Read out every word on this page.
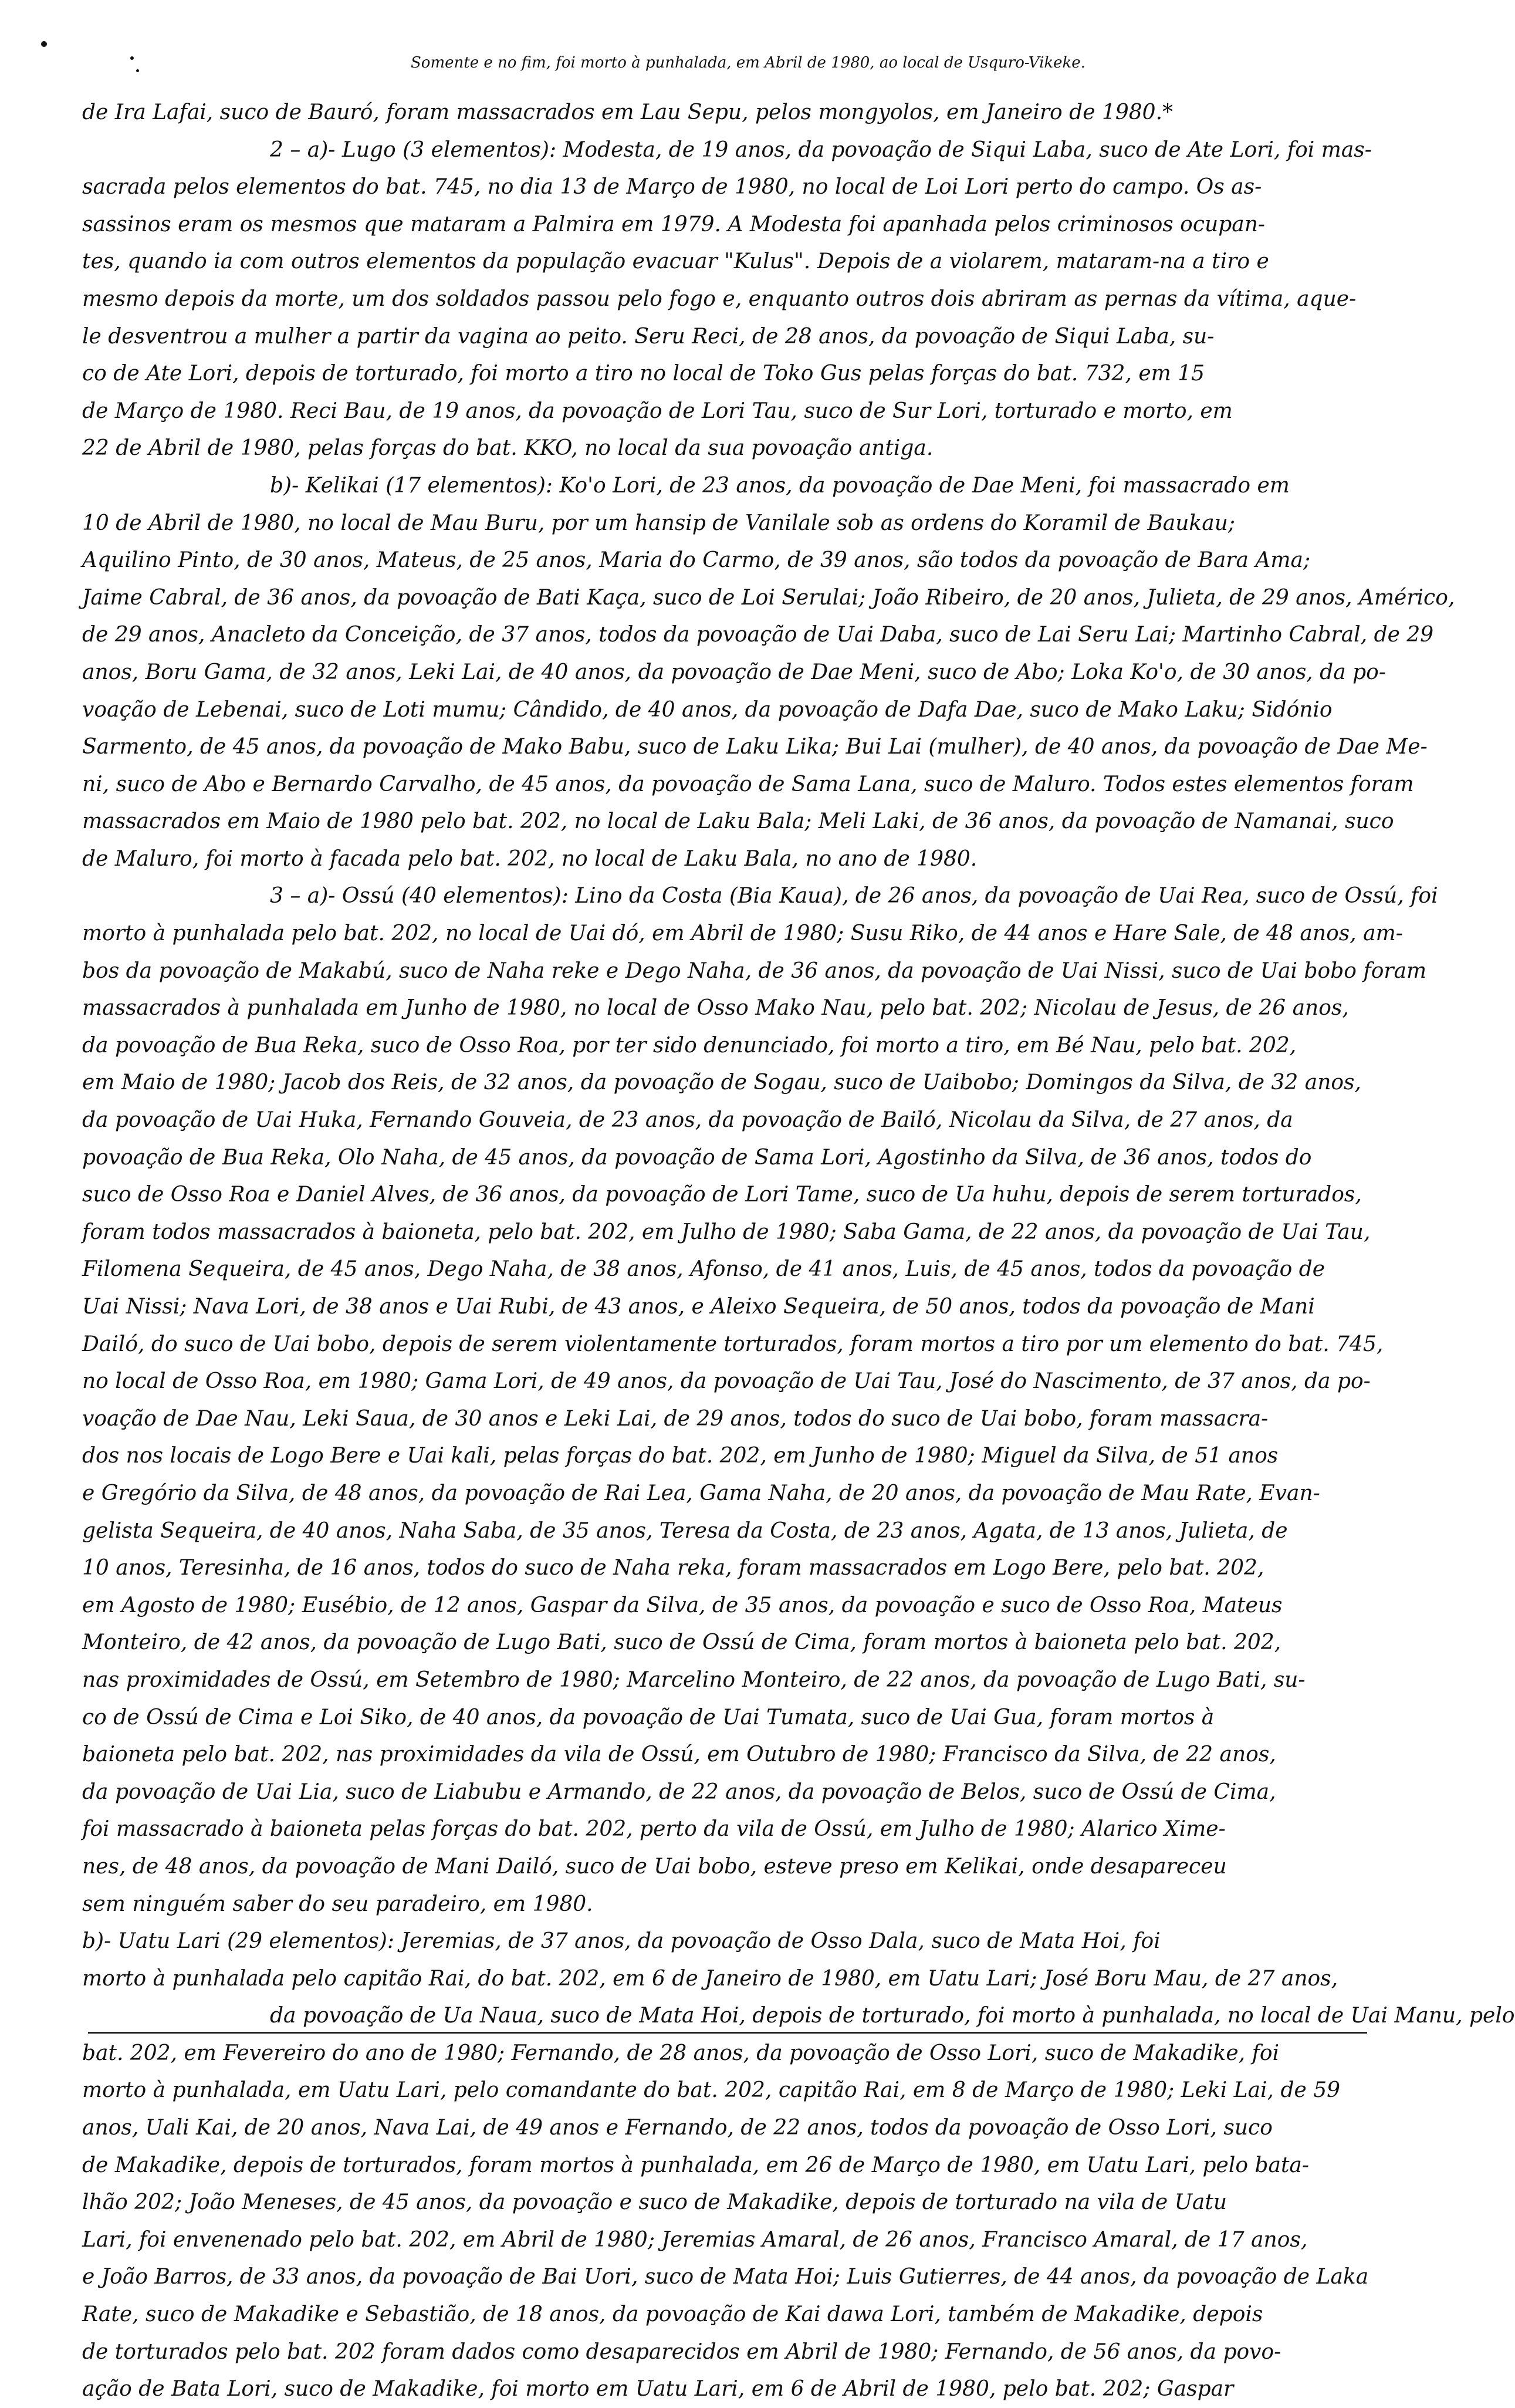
Somente e no fim, foi morto à punhalada, em Abril de 1980, ao local de Usquro-Vikeke.
de Ira Lafai, suco de Bauró, foram massacrados em Lau Sepu, pelos mongyolos, em Janeiro de 1980.*
2 – a)- Lugo (3 elementos): Modesta, de 19 anos, da povoação de Siqui Laba, suco de Ate Lori, foi mas-
sacrada pelos elementos do bat. 745, no dia 13 de Março de 1980, no local de Loi Lori perto do campo. Os as-
sassinos eram os mesmos que mataram a Palmira em 1979. A Modesta foi apanhada pelos criminosos ocupan-
tes, quando ia com outros elementos da população evacuar "Kulus". Depois de a violarem, mataram-na a tiro e
mesmo depois da morte, um dos soldados passou pelo fogo e, enquanto outros dois abriram as pernas da vítima, aque-
le desventrou a mulher a partir da vagina ao peito. Seru Reci, de 28 anos, da povoação de Siqui Laba, su-
co de Ate Lori, depois de torturado, foi morto a tiro no local de Toko Gus pelas forças do bat. 732, em 15
de Março de 1980. Reci Bau, de 19 anos, da povoação de Lori Tau, suco de Sur Lori, torturado e morto, em
22 de Abril de 1980, pelas forças do bat. KKO, no local da sua povoação antiga.
b)- Kelikai (17 elementos): Ko'o Lori, de 23 anos, da povoação de Dae Meni, foi massacrado em
10 de Abril de 1980, no local de Mau Buru, por um hansip de Vanilale sob as ordens do Koramil de Baukau;
Aquilino Pinto, de 30 anos, Mateus, de 25 anos, Maria do Carmo, de 39 anos, são todos da povoação de Bara Ama;
Jaime Cabral, de 36 anos, da povoação de Bati Kaça, suco de Loi Serulai; João Ribeiro, de 20 anos, Julieta, de 29 anos, Américo,
de 29 anos, Anacleto da Conceição, de 37 anos, todos da povoação de Uai Daba, suco de Lai Seru Lai; Martinho Cabral, de 29
anos, Boru Gama, de 32 anos, Leki Lai, de 40 anos, da povoação de Dae Meni, suco de Abo; Loka Ko'o, de 30 anos, da po-
voação de Lebenai, suco de Loti mumu; Cândido, de 40 anos, da povoação de Dafa Dae, suco de Mako Laku; Sidónio
Sarmento, de 45 anos, da povoação de Mako Babu, suco de Laku Lika; Bui Lai (mulher), de 40 anos, da povoação de Dae Me-
ni, suco de Abo e Bernardo Carvalho, de 45 anos, da povoação de Sama Lana, suco de Maluro. Todos estes elementos foram
massacrados em Maio de 1980 pelo bat. 202, no local de Laku Bala; Meli Laki, de 36 anos, da povoação de Namanai, suco
de Maluro, foi morto à facada pelo bat. 202, no local de Laku Bala, no ano de 1980.
3 – a)- Ossú (40 elementos): Lino da Costa (Bia Kaua), de 26 anos, da povoação de Uai Rea, suco de Ossú, foi
morto à punhalada pelo bat. 202, no local de Uai dó, em Abril de 1980; Susu Riko, de 44 anos e Hare Sale, de 48 anos, am-
bos da povoação de Makabú, suco de Naha reke e Dego Naha, de 36 anos, da povoação de Uai Nissi, suco de Uai bobo foram
massacrados à punhalada em Junho de 1980, no local de Osso Mako Nau, pelo bat. 202; Nicolau de Jesus, de 26 anos,
da povoação de Bua Reka, suco de Osso Roa, por ter sido denunciado, foi morto a tiro, em Bé Nau, pelo bat. 202,
em Maio de 1980; Jacob dos Reis, de 32 anos, da povoação de Sogau, suco de Uaibobo; Domingos da Silva, de 32 anos,
da povoação de Uai Huka, Fernando Gouveia, de 23 anos, da povoação de Bailó, Nicolau da Silva, de 27 anos, da
povoação de Bua Reka, Olo Naha, de 45 anos, da povoação de Sama Lori, Agostinho da Silva, de 36 anos, todos do
suco de Osso Roa e Daniel Alves, de 36 anos, da povoação de Lori Tame, suco de Ua huhu, depois de serem torturados,
foram todos massacrados à baioneta, pelo bat. 202, em Julho de 1980; Saba Gama, de 22 anos, da povoação de Uai Tau,
Filomena Sequeira, de 45 anos, Dego Naha, de 38 anos, Afonso, de 41 anos, Luis, de 45 anos, todos da povoação de
Uai Nissi; Nava Lori, de 38 anos e Uai Rubi, de 43 anos, e Aleixo Sequeira, de 50 anos, todos da povoação de Mani
Dailó, do suco de Uai bobo, depois de serem violentamente torturados, foram mortos a tiro por um elemento do bat. 745,
no local de Osso Roa, em 1980; Gama Lori, de 49 anos, da povoação de Uai Tau, José do Nascimento, de 37 anos, da po-
voação de Dae Nau, Leki Saua, de 30 anos e Leki Lai, de 29 anos, todos do suco de Uai bobo, foram massacra-
dos nos locais de Logo Bere e Uai kali, pelas forças do bat. 202, em Junho de 1980; Miguel da Silva, de 51 anos
e Gregório da Silva, de 48 anos, da povoação de Rai Lea, Gama Naha, de 20 anos, da povoação de Mau Rate, Evan-
gelista Sequeira, de 40 anos, Naha Saba, de 35 anos, Teresa da Costa, de 23 anos, Agata, de 13 anos, Julieta, de
10 anos, Teresinha, de 16 anos, todos do suco de Naha reka, foram massacrados em Logo Bere, pelo bat. 202,
em Agosto de 1980; Eusébio, de 12 anos, Gaspar da Silva, de 35 anos, da povoação e suco de Osso Roa, Mateus
Monteiro, de 42 anos, da povoação de Lugo Bati, suco de Ossú de Cima, foram mortos à baioneta pelo bat. 202,
nas proximidades de Ossú, em Setembro de 1980; Marcelino Monteiro, de 22 anos, da povoação de Lugo Bati, su-
co de Ossú de Cima e Loi Siko, de 40 anos, da povoação de Uai Tumata, suco de Uai Gua, foram mortos à
baioneta pelo bat. 202, nas proximidades da vila de Ossú, em Outubro de 1980; Francisco da Silva, de 22 anos,
da povoação de Uai Lia, suco de Liabubu e Armando, de 22 anos, da povoação de Belos, suco de Ossú de Cima,
foi massacrado à baioneta pelas forças do bat. 202, perto da vila de Ossú, em Julho de 1980; Alarico Xime-
nes, de 48 anos, da povoação de Mani Dailó, suco de Uai bobo, esteve preso em Kelikai, onde desapareceu
sem ninguém saber do seu paradeiro, em 1980.
b)- Uatu Lari (29 elementos): Jeremias, de 37 anos, da povoação de Osso Dala, suco de Mata Hoi, foi
morto à punhalada pelo capitão Rai, do bat. 202, em 6 de Janeiro de 1980, em Uatu Lari; José Boru Mau, de 27 anos,
da povoação de Ua Naua, suco de Mata Hoi, depois de torturado, foi morto à punhalada, no local de Uai Manu, pelo
bat. 202, em Fevereiro do ano de 1980; Fernando, de 28 anos, da povoação de Osso Lori, suco de Makadike, foi
morto à punhalada, em Uatu Lari, pelo comandante do bat. 202, capitão Rai, em 8 de Março de 1980; Leki Lai, de 59
anos, Uali Kai, de 20 anos, Nava Lai, de 49 anos e Fernando, de 22 anos, todos da povoação de Osso Lori, suco
de Makadike, depois de torturados, foram mortos à punhalada, em 26 de Março de 1980, em Uatu Lari, pelo bata-
lhão 202; João Meneses, de 45 anos, da povoação e suco de Makadike, depois de torturado na vila de Uatu
Lari, foi envenenado pelo bat. 202, em Abril de 1980; Jeremias Amaral, de 26 anos, Francisco Amaral, de 17 anos,
e João Barros, de 33 anos, da povoação de Bai Uori, suco de Mata Hoi; Luis Gutierres, de 44 anos, da povoação de Laka
Rate, suco de Makadike e Sebastião, de 18 anos, da povoação de Kai dawa Lori, também de Makadike, depois
de torturados pelo bat. 202 foram dados como desaparecidos em Abril de 1980; Fernando, de 56 anos, da povo-
ação de Bata Lori, suco de Makadike, foi morto em Uatu Lari, em 6 de Abril de 1980, pelo bat. 202; Gaspar
